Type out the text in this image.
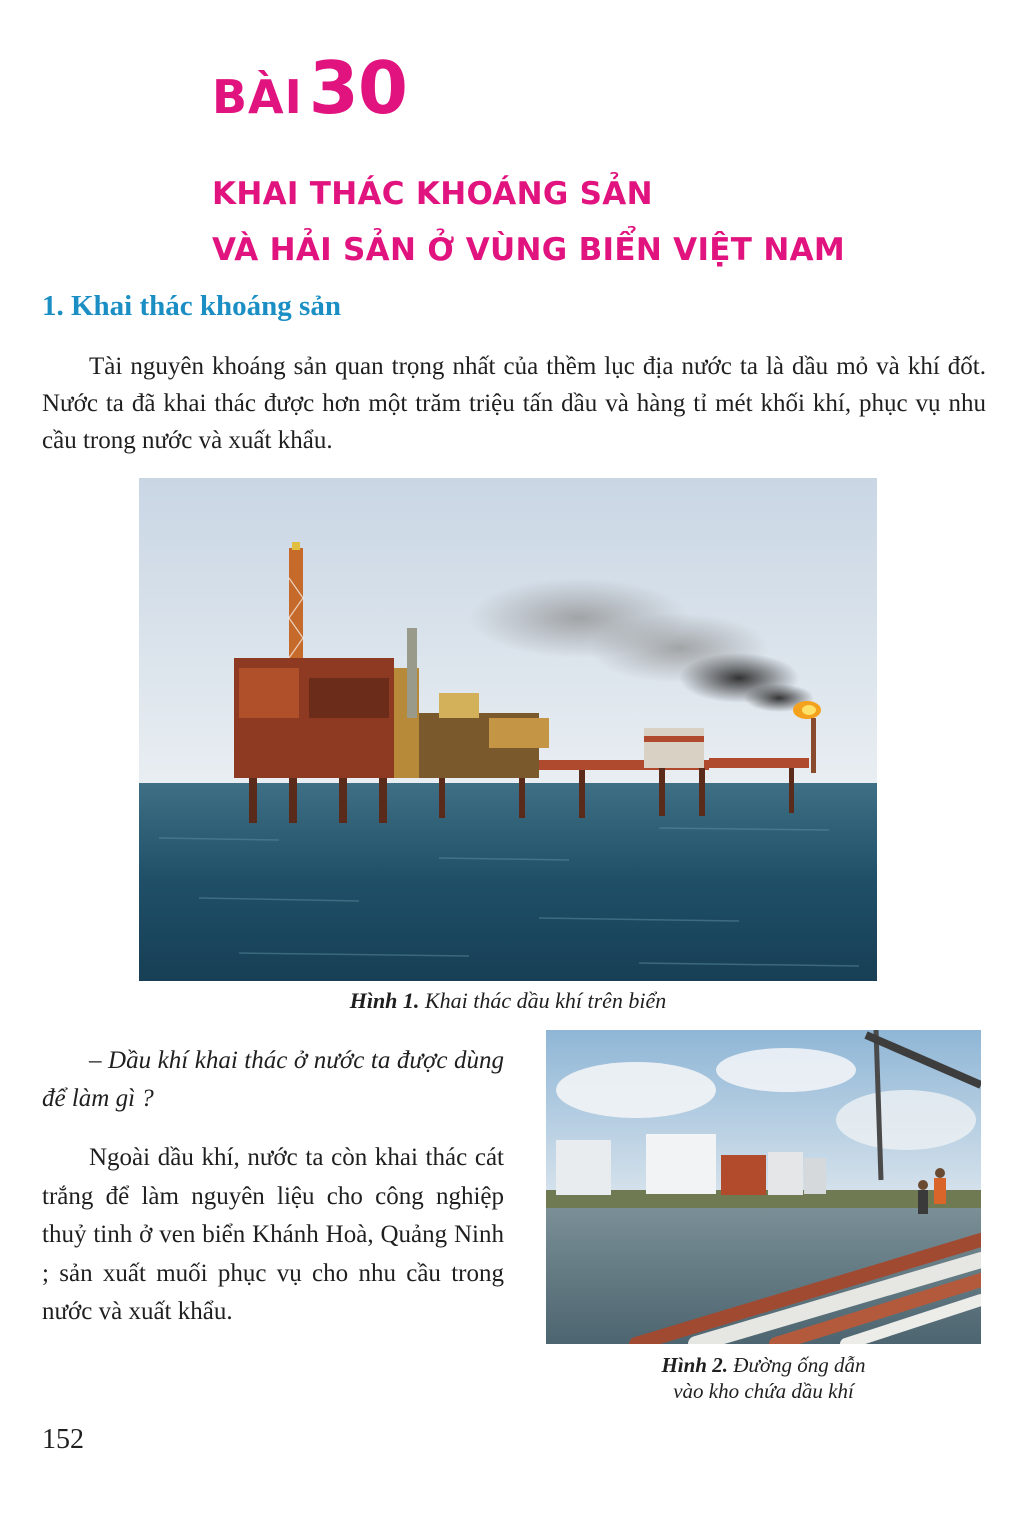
BÀI30
KHAI THÁC KHOÁNG SẢN
VÀ HẢI SẢN Ở VÙNG BIỂN VIỆT NAM
1. Khai thác khoáng sản

Tài nguyên khoáng sản quan trọng nhất của thềm lục địa nước ta là dầu mỏ và khí đốt. Nước ta đã khai thác được hơn một trăm triệu tấn dầu và hàng tỉ mét khối khí, phục vụ nhu cầu trong nước và xuất khẩu.

Hình 1. Khai thác dầu khí trên biển

– Dầu khí khai thác ở nước ta được dùng để làm gì ?

Ngoài dầu khí, nước ta còn khai thác cát trắng để làm nguyên liệu cho công nghiệp thuỷ tinh ở ven biển Khánh Hoà, Quảng Ninh ; sản xuất muối phục vụ cho nhu cầu trong nước và xuất khẩu.

Hình 2. Đường ống dẫn
vào kho chứa dầu khí
152
